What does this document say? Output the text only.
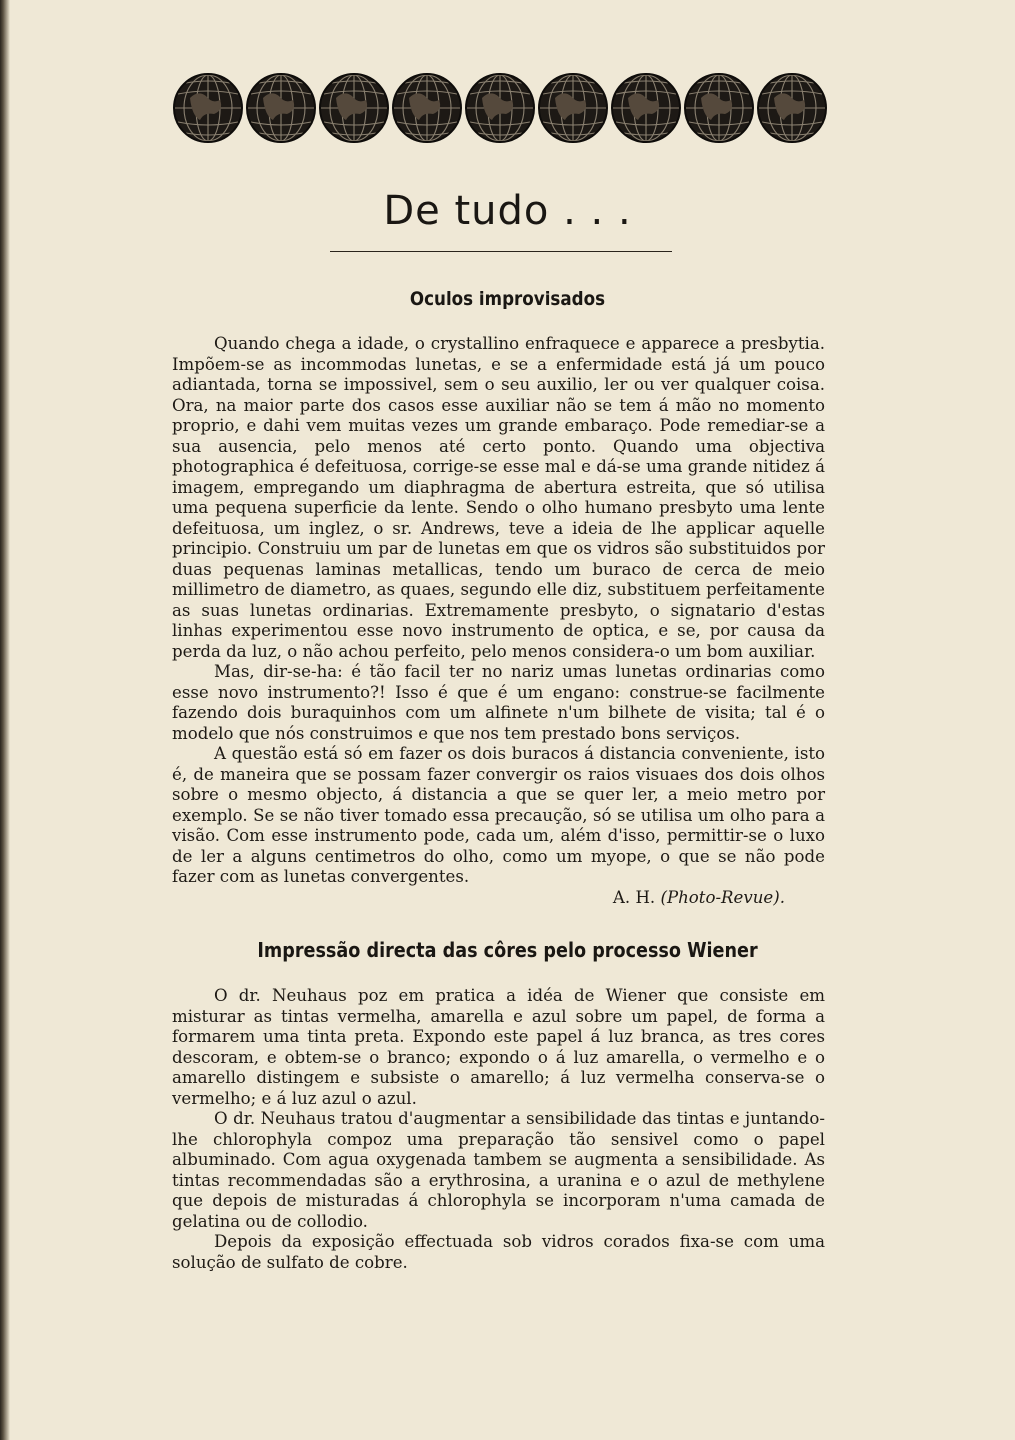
De tudo . . .
Oculos improvisados

Quando chega a idade, o crystallino enfraquece e apparece a presbytia. Impõem-se as incommodas lunetas, e se a enfermidade está já um pouco adiantada, torna se impossivel, sem o seu auxilio, ler ou ver qualquer coisa. Ora, na maior parte dos casos esse auxiliar não se tem á mão no momento proprio, e dahi vem muitas vezes um grande embaraço. Pode remediar-se a sua ausencia, pelo menos até certo ponto. Quando uma objectiva photographica é defeituosa, corrige-se esse mal e dá-se uma grande nitidez á imagem, empregando um diaphragma de abertura estreita, que só utilisa uma pequena superficie da lente. Sendo o olho humano presbyto uma lente defeituosa, um inglez, o sr. Andrews, teve a ideia de lhe applicar aquelle principio. Construiu um par de lunetas em que os vidros são substituidos por duas pequenas laminas metallicas, tendo um buraco de cerca de meio millimetro de diametro, as quaes, segundo elle diz, substituem perfeitamente as suas lunetas ordinarias. Extremamente presbyto, o signatario d'estas linhas experimentou esse novo instrumento de optica, e se, por causa da perda da luz, o não achou perfeito, pelo menos considera-o um bom auxiliar.

Mas, dir-se-ha: é tão facil ter no nariz umas lunetas ordinarias como esse novo instrumento?! Isso é que é um engano: construe-se facilmente fazendo dois buraquinhos com um alfinete n'um bilhete de visita; tal é o modelo que nós construimos e que nos tem prestado bons serviços.

A questão está só em fazer os dois buracos á distancia conveniente, isto é, de maneira que se possam fazer convergir os raios visuaes dos dois olhos sobre o mesmo objecto, á distancia a que se quer ler, a meio metro por exemplo. Se se não tiver tomado essa precaução, só se utilisa um olho para a visão. Com esse instrumento pode, cada um, além d'isso, permittir-se o luxo de ler a alguns centimetros do olho, como um myope, o que se não pode fazer com as lunetas convergentes.

A. H. (Photo-Revue).
Impressão directa das côres pelo processo Wiener

O dr. Neuhaus poz em pratica a idéa de Wiener que consiste em misturar as tintas vermelha, amarella e azul sobre um papel, de forma a formarem uma tinta preta. Expondo este papel á luz branca, as tres cores descoram, e obtem-se o branco; expondo o á luz amarella, o vermelho e o amarello distingem e subsiste o amarello; á luz vermelha conserva-se o vermelho; e á luz azul o azul.

O dr. Neuhaus tratou d'augmentar a sensibilidade das tintas e juntando-lhe chlorophyla compoz uma preparação tão sensivel como o papel albuminado. Com agua oxygenada tambem se augmenta a sensibilidade. As tintas recommendadas são a erythrosina, a uranina e o azul de methylene que depois de misturadas á chlorophyla se incorporam n'uma camada de gelatina ou de collodio.

Depois da exposição effectuada sob vidros corados fixa-se com uma solução de sulfato de cobre.
